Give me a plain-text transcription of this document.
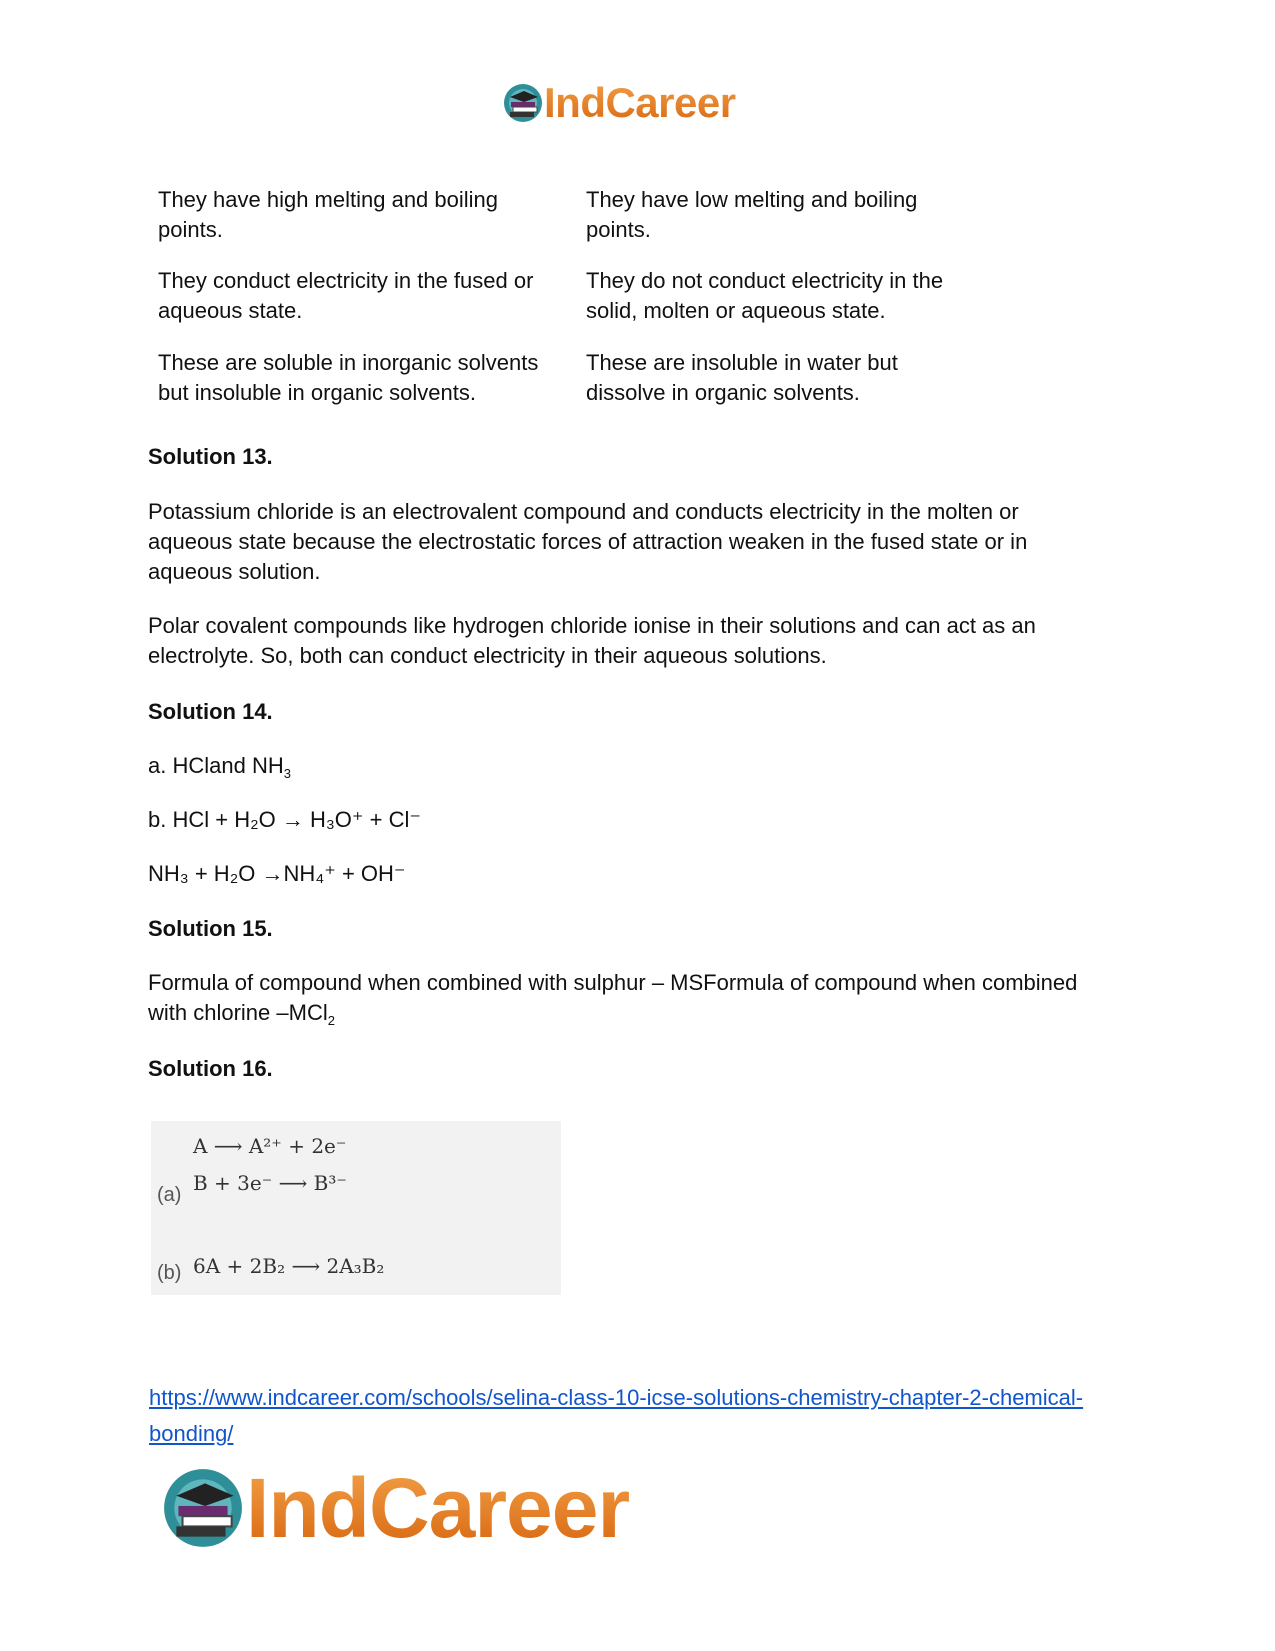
IndCareer
They have high melting and boiling points.
They have low melting and boiling points.
They conduct electricity in the fused or aqueous state.
They do not conduct electricity in the solid, molten or aqueous state.
These are soluble in inorganic solvents but insoluble in organic solvents.
These are insoluble in water but dissolve in organic solvents.
Solution 13.
Potassium chloride is an electrovalent compound and conducts electricity in the molten or aqueous state because the electrostatic forces of attraction weaken in the fused state or in aqueous solution.
Polar covalent compounds like hydrogen chloride ionise in their solutions and can act as an electrolyte. So, both can conduct electricity in their aqueous solutions.
Solution 14.
a. HCland $NH_3$
b. HCl + H₂O → H₃O⁺ + Cl⁻
NH₃ + H₂O →NH₄⁺ + OH⁻
Solution 15.
Formula of compound when combined with sulphur – MSFormula of compound when combined with chlorine –MCl$_2$
Solution 16.
A ⟶ A²⁺ + 2e⁻
B + 3e⁻ ⟶ B³⁻
(a)
6A + 2B₂ ⟶ 2A₃B₂
(b)
https://www.indcareer.com/schools/selina-class-10-icse-solutions-chemistry-chapter-2-chemical-
bonding/
IndCareer
